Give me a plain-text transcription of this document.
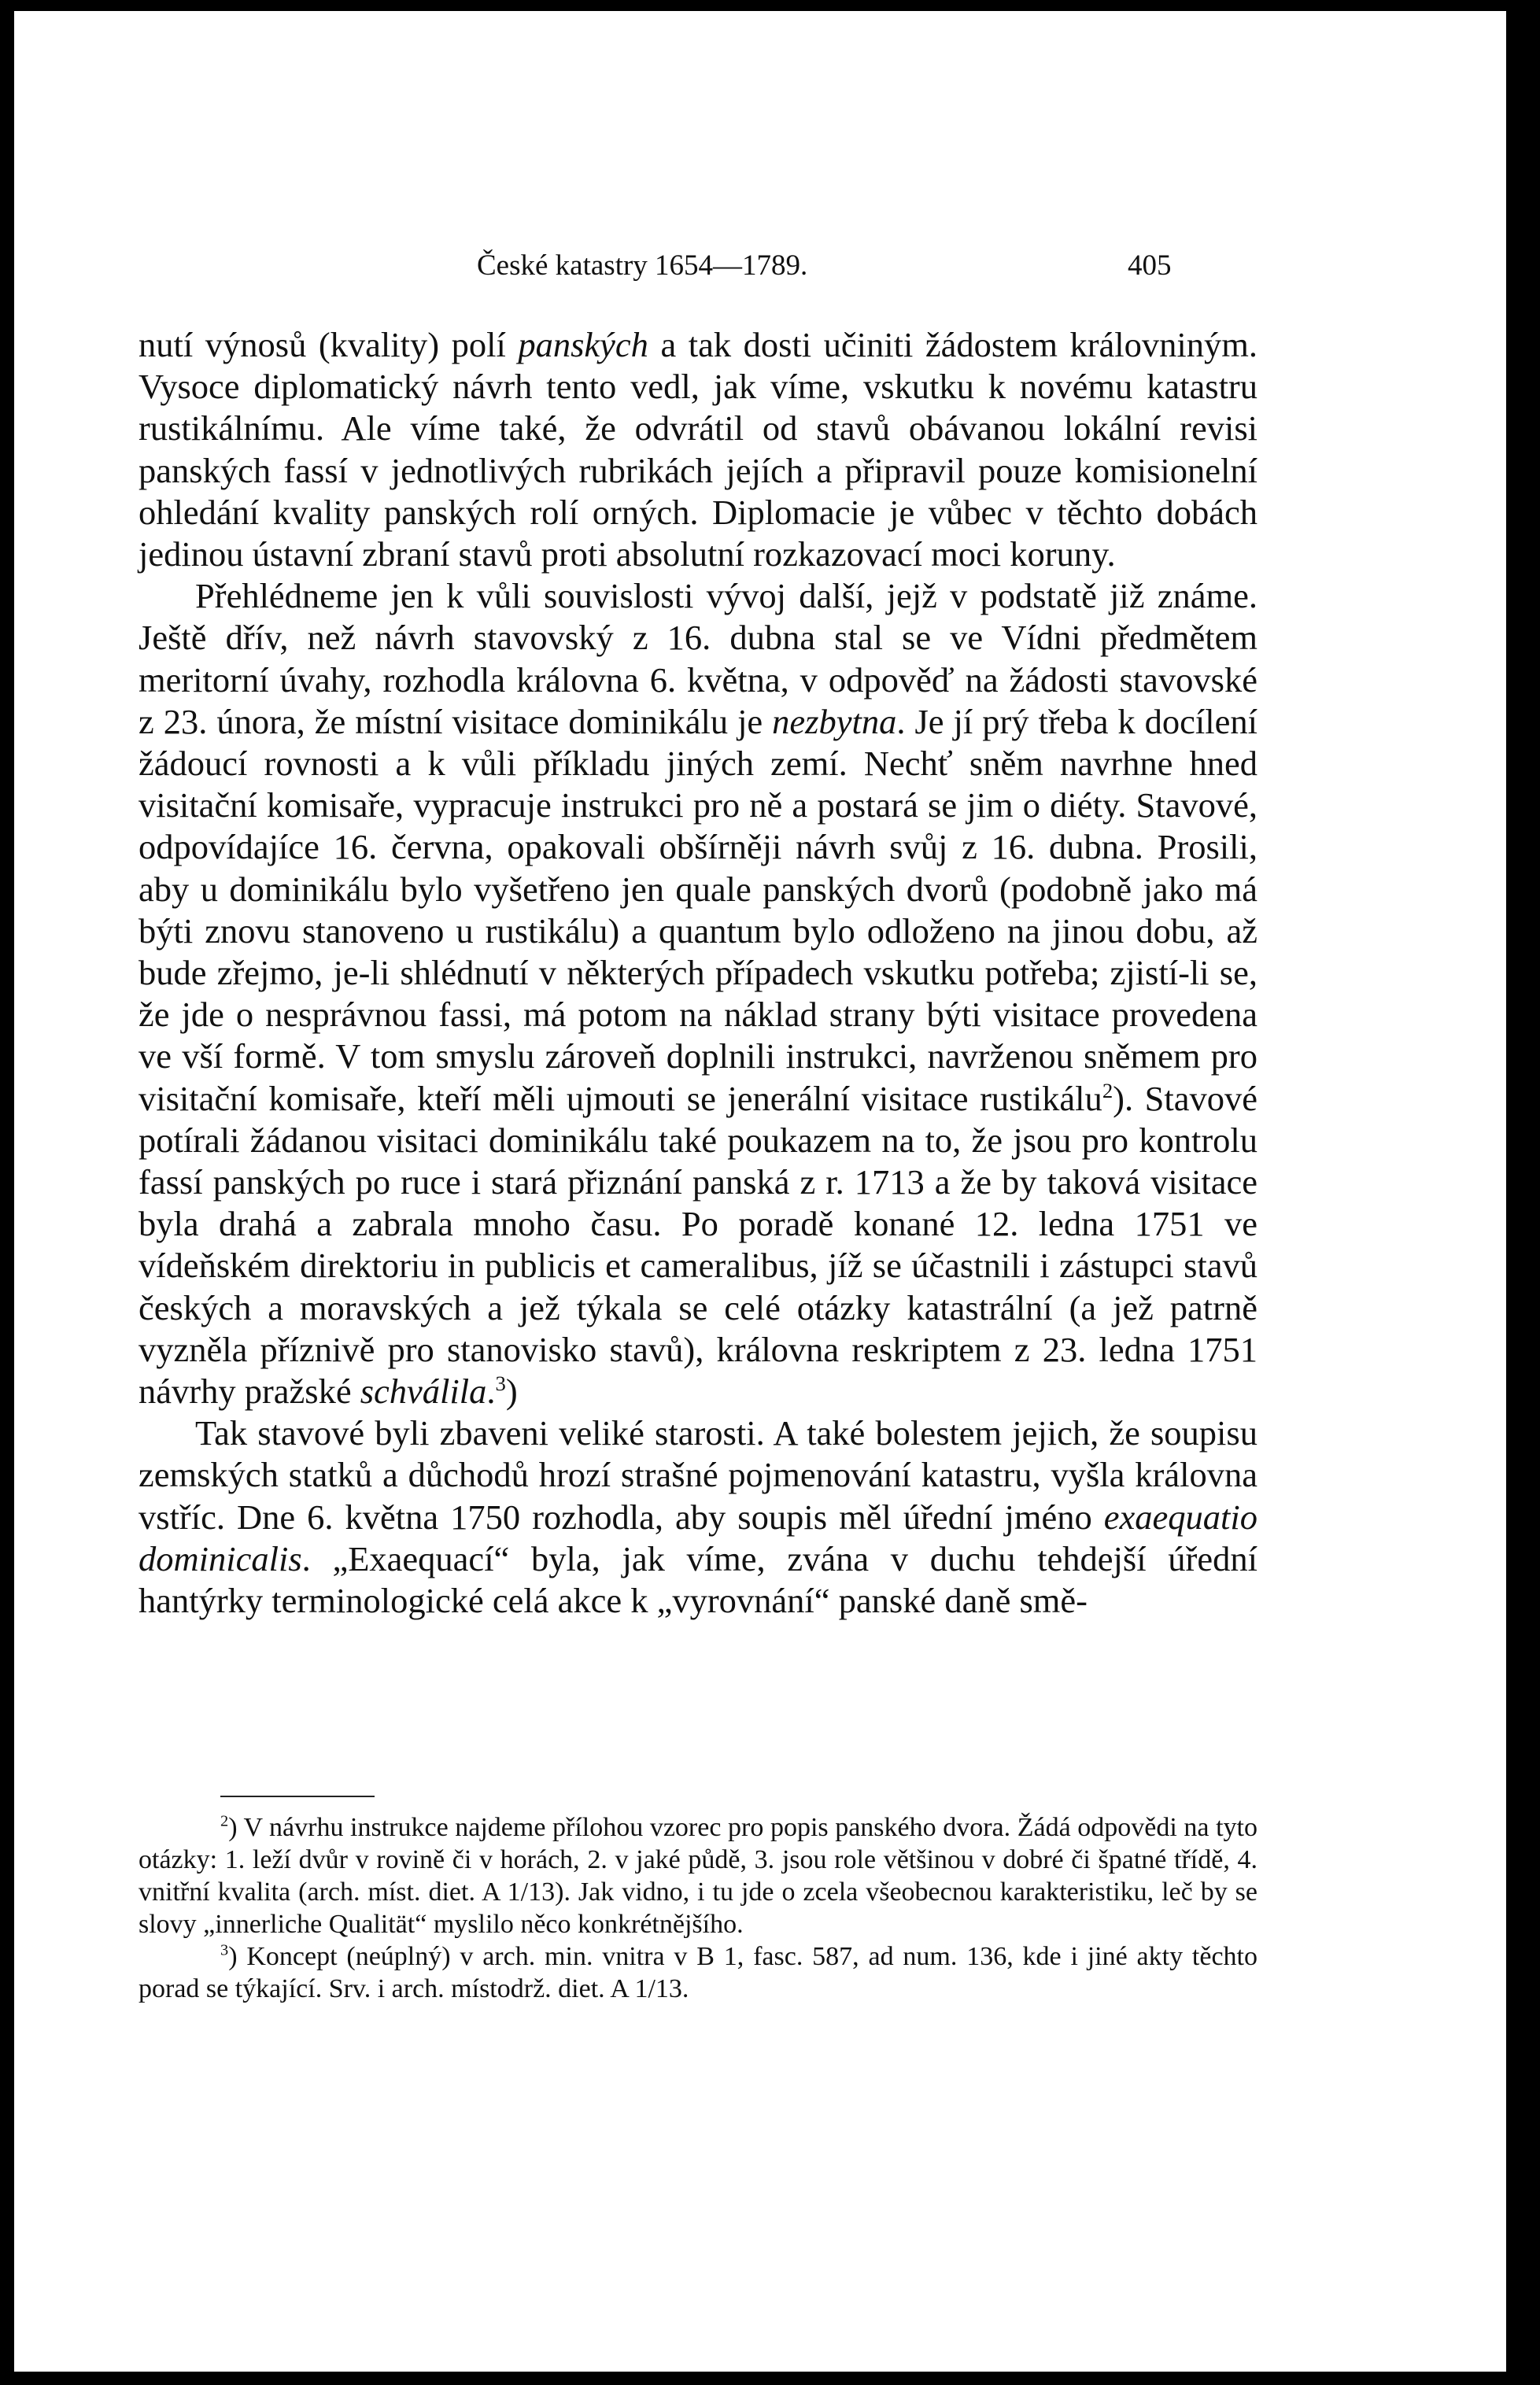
České katastry 1654—1789.	405

nutí výnosů (kvality) polí panských a tak dosti učiniti žádostem královniným. Vysoce diplomatický návrh tento vedl, jak víme, vskutku k novému katastru rustikálnímu. Ale víme také, že odvrátil od stavů obávanou lokální revisi panských fassí v jednotlivých rubrikách jejích a připravil pouze komisionelní ohledání kvality panských rolí orných. Diplomacie je vůbec v těchto dobách jedinou ústavní zbraní stavů proti absolutní rozkazovací moci koruny.

Přehlédneme jen k vůli souvislosti vývoj další, jejž v podstatě již známe. Ještě dřív, než návrh stavovský z 16. dubna stal se ve Vídni předmětem meritorní úvahy, rozhodla královna 6. května, v odpověď na žádosti stavovské z 23. února, že místní visitace dominikálu je nezbytna. Je jí prý třeba k docílení žádoucí rovnosti a k vůli příkladu jiných zemí. Nechť sněm navrhne hned visitační komisaře, vypracuje instrukci pro ně a postará se jim o diéty. Stavové, odpovídajíce 16. června, opakovali obšírněji návrh svůj z 16. dubna. Prosili, aby u dominikálu bylo vyšetřeno jen quale panských dvorů (podobně jako má býti znovu stanoveno u rustikálu) a quantum bylo odloženo na jinou dobu, až bude zřejmo, je-li shlédnutí v některých případech vskutku potřeba; zjistí-li se, že jde o nesprávnou fassi, má potom na náklad strany býti visitace provedena ve vší formě. V tom smyslu zároveň doplnili instrukci, navrženou sněmem pro visitační komisaře, kteří měli ujmouti se jenerální visitace rustikálu$^2$). Stavové potírali žádanou visitaci dominikálu také poukazem na to, že jsou pro kontrolu fassí panských po ruce i stará přiznání panská z r. 1713 a že by taková visitace byla drahá a zabrala mnoho času. Po poradě konané 12. ledna 1751 ve vídeňském direktoriu in publicis et cameralibus, jíž se účastnili i zástupci stavů českých a moravských a jež týkala se celé otázky katastrální (a jež patrně vyzněla příznivě pro stanovisko stavů), královna reskriptem z 23. ledna 1751 návrhy pražské schválila.$^3$)

Tak stavové byli zbaveni veliké starosti. A také bolestem jejich, že soupisu zemských statků a důchodů hrozí strašné pojmenování katastru, vyšla královna vstříc. Dne 6. května 1750 rozhodla, aby soupis měl úřední jméno exaequatio dominicalis. „Exaequací“ byla, jak víme, zvána v duchu tehdejší úřední hantýrky terminologické celá akce k „vyrovnání“ panské daně smě-

$^2$) V návrhu instrukce najdeme přílohou vzorec pro popis panského dvora. Žádá odpovědi na tyto otázky: 1. leží dvůr v rovině či v horách, 2. v jaké půdě, 3. jsou role většinou v dobré či špatné třídě, 4. vnitřní kvalita (arch. míst. diet. A 1/13). Jak vidno, i tu jde o zcela všeobecnou karakteristiku, leč by se slovy „innerliche Qualität“ myslilo něco konkrétnějšího.

$^3$) Koncept (neúplný) v arch. min. vnitra v B 1, fasc. 587, ad num. 136, kde i jiné akty těchto porad se týkající. Srv. i arch. místodrž. diet. A 1/13.
